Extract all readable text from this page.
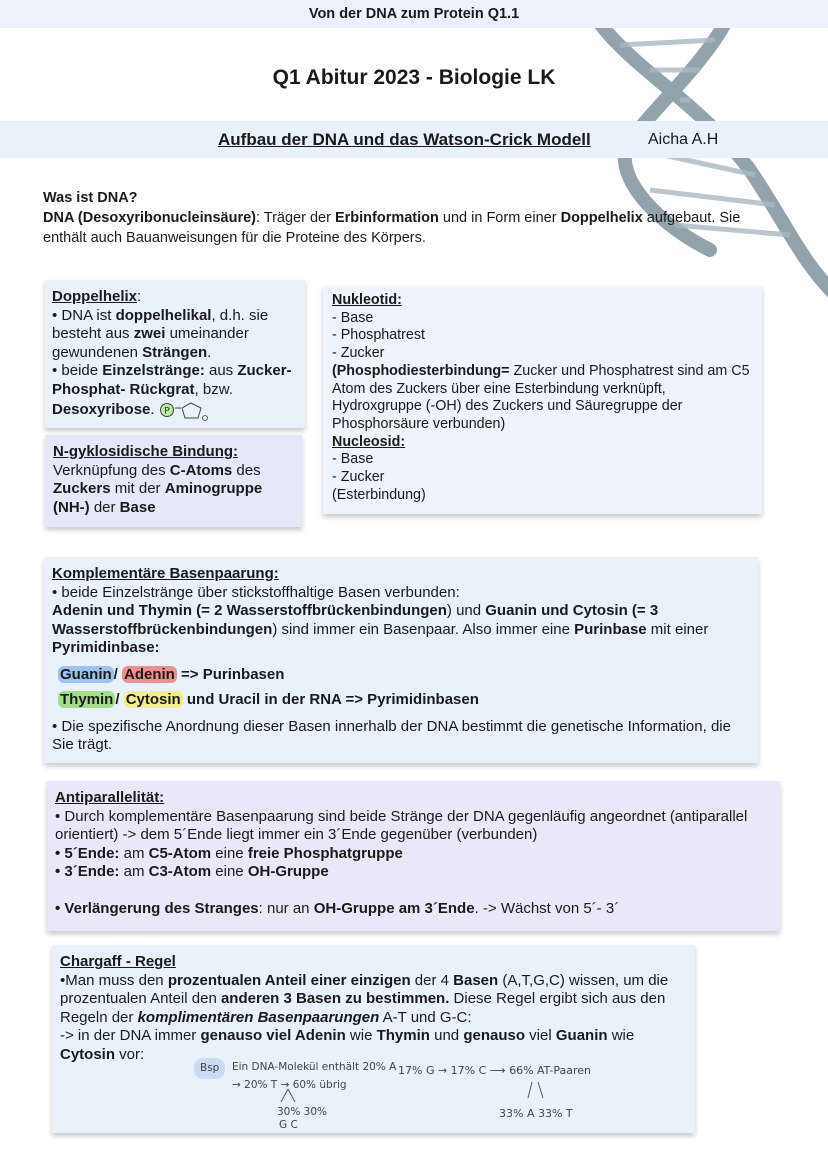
Von der DNA zum Protein Q1.1
Q1 Abitur 2023 - Biologie LK
Aufbau der DNA und das Watson-Crick Modell	Aicha A.H
Was ist DNA?
DNA (Desoxyribonucleinsäure): Träger der Erbinformation und in Form einer Doppelhelix aufgebaut. Sie enthält auch Bauanweisungen für die Proteine des Körpers.
Doppelhelix:
• DNA ist doppelhelikal, d.h. sie besteht aus zwei umeinander gewundenen Strängen.
• beide Einzelstränge: aus Zucker-Phosphat- Rückgrat, bzw. Desoxyribose. P
N-gyklosidische Bindung:
Verknüpfung des C-Atoms des Zuckers mit der Aminogruppe (NH-) der Base
Nukleotid:
- Base
- Phosphatrest
- Zucker
(Phosphodiesterbindung= Zucker und Phosphatrest sind am C5 Atom des Zuckers über eine Esterbindung verknüpft, Hydroxgruppe (-OH) des Zuckers und Säuregruppe der Phosphorsäure verbunden)
Nucleosid:
- Base
- Zucker
(Esterbindung)
Komplementäre Basenpaarung:
• beide Einzelstränge über stickstoffhaltige Basen verbunden:
Adenin und Thymin (= 2 Wasserstoffbrückenbindungen) und Guanin und Cytosin (= 3 Wasserstoffbrückenbindungen) sind immer ein Basenpaar. Also immer eine Purinbase mit einer Pyrimidinbase:
Guanin / Adenin => Purinbasen
Thymin / Cytosin und Uracil in der RNA => Pyrimidinbasen
• Die spezifische Anordnung dieser Basen innerhalb der DNA bestimmt die genetische Information, die Sie trägt.
Antiparallelität:
• Durch komplementäre Basenpaarung sind beide Stränge der DNA gegenläufig angeordnet (antiparallel orientiert) -> dem 5´Ende liegt immer ein 3´Ende gegenüber (verbunden)
• 5´Ende: am C5-Atom eine freie Phosphatgruppe
• 3´Ende: am C3-Atom eine OH-Gruppe
• Verlängerung des Stranges: nur an OH-Gruppe am 3´Ende. -> Wächst von 5´- 3´
Chargaff - Regel
•Man muss den prozentualen Anteil einer einzigen der 4 Basen (A,T,G,C) wissen, um die prozentualen Anteil den anderen 3 Basen zu bestimmen. Diese Regel ergibt sich aus den Regeln der komplimentären Basenpaarungen A-T und G-C:
-> in der DNA immer genauso viel Adenin wie Thymin und genauso viel Guanin wie Cytosin vor:
Bsp	Ein DNA-Molekül enthält 20% A
→ 20% T → 60% übrig
30% 30%
G C
17% G → 17% C ⟶ 66% AT-Paaren
33% A 33% T
